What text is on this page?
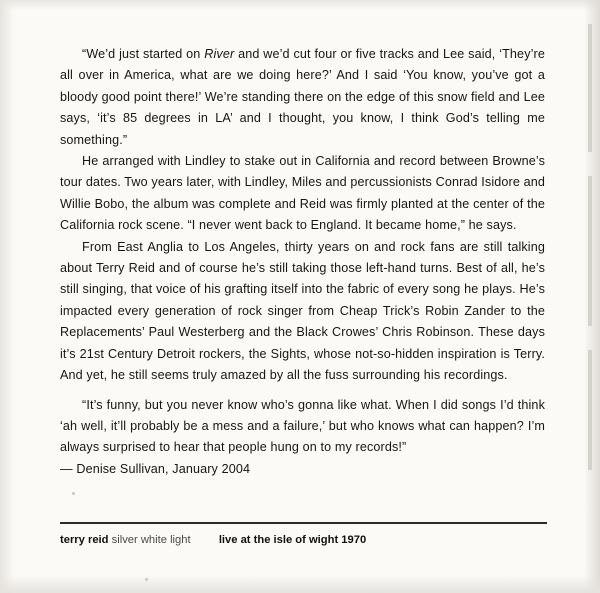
“We’d just started on River and we’d cut four or five tracks and Lee said, ‘They’re all over in America, what are we doing here?’ And I said ‘You know, you’ve got a bloody good point there!’ We’re standing there on the edge of this snow field and Lee says, ‘it’s 85 degrees in LA’ and I thought, you know, I think God’s telling me something.”

He arranged with Lindley to stake out in California and record between Browne’s tour dates. Two years later, with Lindley, Miles and percussionists Conrad Isidore and Willie Bobo, the album was complete and Reid was firmly planted at the center of the California rock scene. “I never went back to England. It became home,” he says.

From East Anglia to Los Angeles, thirty years on and rock fans are still talking about Terry Reid and of course he’s still taking those left-hand turns. Best of all, he’s still singing, that voice of his grafting itself into the fabric of every song he plays. He’s impacted every generation of rock singer from Cheap Trick’s Robin Zander to the Replacements’ Paul Westerberg and the Black Crowes’ Chris Robinson. These days it’s 21st Century Detroit rockers, the Sights, whose not-so-hidden inspiration is Terry. And yet, he still seems truly amazed by all the fuss surrounding his recordings.

“It’s funny, but you never know who’s gonna like what. When I did songs I’d think ‘ah well, it’ll probably be a mess and a failure,’ but who knows what can happen? I’m always surprised to hear that people hung on to my records!”

— Denise Sullivan, January 2004

terry reid silver white light	live at the isle of wight 1970
